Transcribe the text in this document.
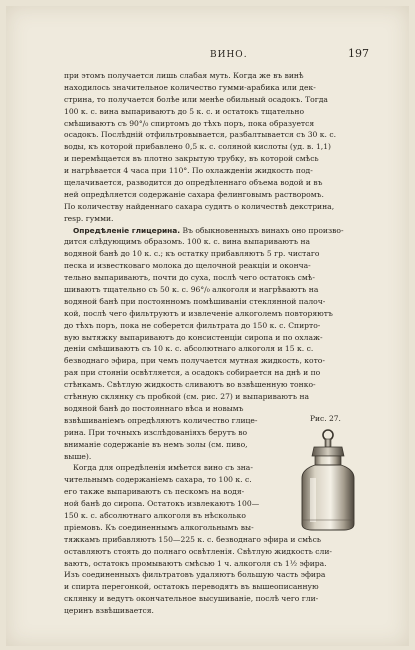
ВИНО.	197
при этомъ получается лишь слабая муть. Когда же въ винѣ
находилось значительное количество гумми-арабика или дек-
стрина, то получается болѣе или менѣе обильный осадокъ. Тогда
100 к. с. вина выпариваютъ до 5 к. с. и остатокъ тщательно
смѣшиваютъ съ 90°/₀ спиртомъ до тѣхъ поръ, пока образуется
осадокъ. Послѣдній отфильтровывается, разбалтывается съ 30 к. с.
воды, къ которой прибавлено 0,5 к. с. соляной кислоты (уд. в. 1,1)
и перемѣщается въ плотно закрытую трубку, въ которой смѣсь
и нагрѣвается 4 часа при 110°. По охлажденіи жидкость под-
щелачивается, разводится до опредѣленнаго объема водой и въ
ней опредѣляется содержаніе сахара фелинговымъ растворомъ.
По количеству найденнаго сахара судятъ о количествѣ декстрина,
resp. гумми.
Опредѣленіе глицерина. Въ обыкновенныхъ винахъ оно произво-
дится слѣдующимъ образомъ. 100 к. с. вина выпариваютъ на
водяной банѣ до 10 к. с.; къ остатку прибавляютъ 5 гр. чистаго
песка и известковаго молока до щелочной реакціи и оконча-
тельно выпариваютъ, почти до суха, послѣ чего остатокъ смѣ-
шиваютъ тщательно съ 50 к. с. 96°/₀ алкоголя и нагрѣваютъ на
водяной банѣ при постоянномъ помѣшиваніи стеклянной палоч-
кой, послѣ чего фильтруютъ и извлеченіе алкоголемъ повторяютъ
до тѣхъ поръ, пока не соберется фильтрата до 150 к. с. Спирто-
вую вытяжку выпариваютъ до консистенціи сиропа и по охлаж-
деніи смѣшиваютъ съ 10 к. с. абсолютнаго алкоголя и 15 к. с.
безводнаго эфира, при чемъ получается мутная жидкость, кото-
рая при стояніи освѣтляется, а осадокъ собирается на днѣ и по
стѣнкамъ. Свѣтлую жидкость сливаютъ во взвѣшенную тонко-
стѣнную склянку съ пробкой (см. рис. 27) и выпариваютъ на
водяной банѣ до постояннаго вѣса и новымъ
взвѣшиваніемъ опредѣляютъ количество глице-
рина. При точныхъ изслѣдованіяхъ берутъ во
вниманіе содержаніе въ немъ золы (см. пиво,
выше).
Когда для опредѣленія имѣется вино съ зна-
чительнымъ содержаніемъ сахара, то 100 к. с.
его также выпариваютъ съ пескомъ на водя-
ной банѣ до сиропа. Остатокъ извлекаютъ 100—
150 к. с. абсолютнаго алкоголя въ нѣсколько
пріемовъ. Къ соединеннымъ алкогольнымъ вы-
тяжкамъ прибавляютъ 150—225 к. с. безводнаго эфира и смѣсь
оставляютъ стоять до полнаго освѣтленія. Свѣтлую жидкость сли-
ваютъ, остатокъ промываютъ смѣсью 1 ч. алкоголя съ 1½ эфира.
Изъ соединенныхъ фильтратовъ удаляютъ большую часть эфира
и спирта перегонкой, остатокъ переводятъ въ вышеописанную
склянку и ведутъ окончательное высушиваніе, послѣ чего гли-
церинъ взвѣшивается.
Рис. 27.
